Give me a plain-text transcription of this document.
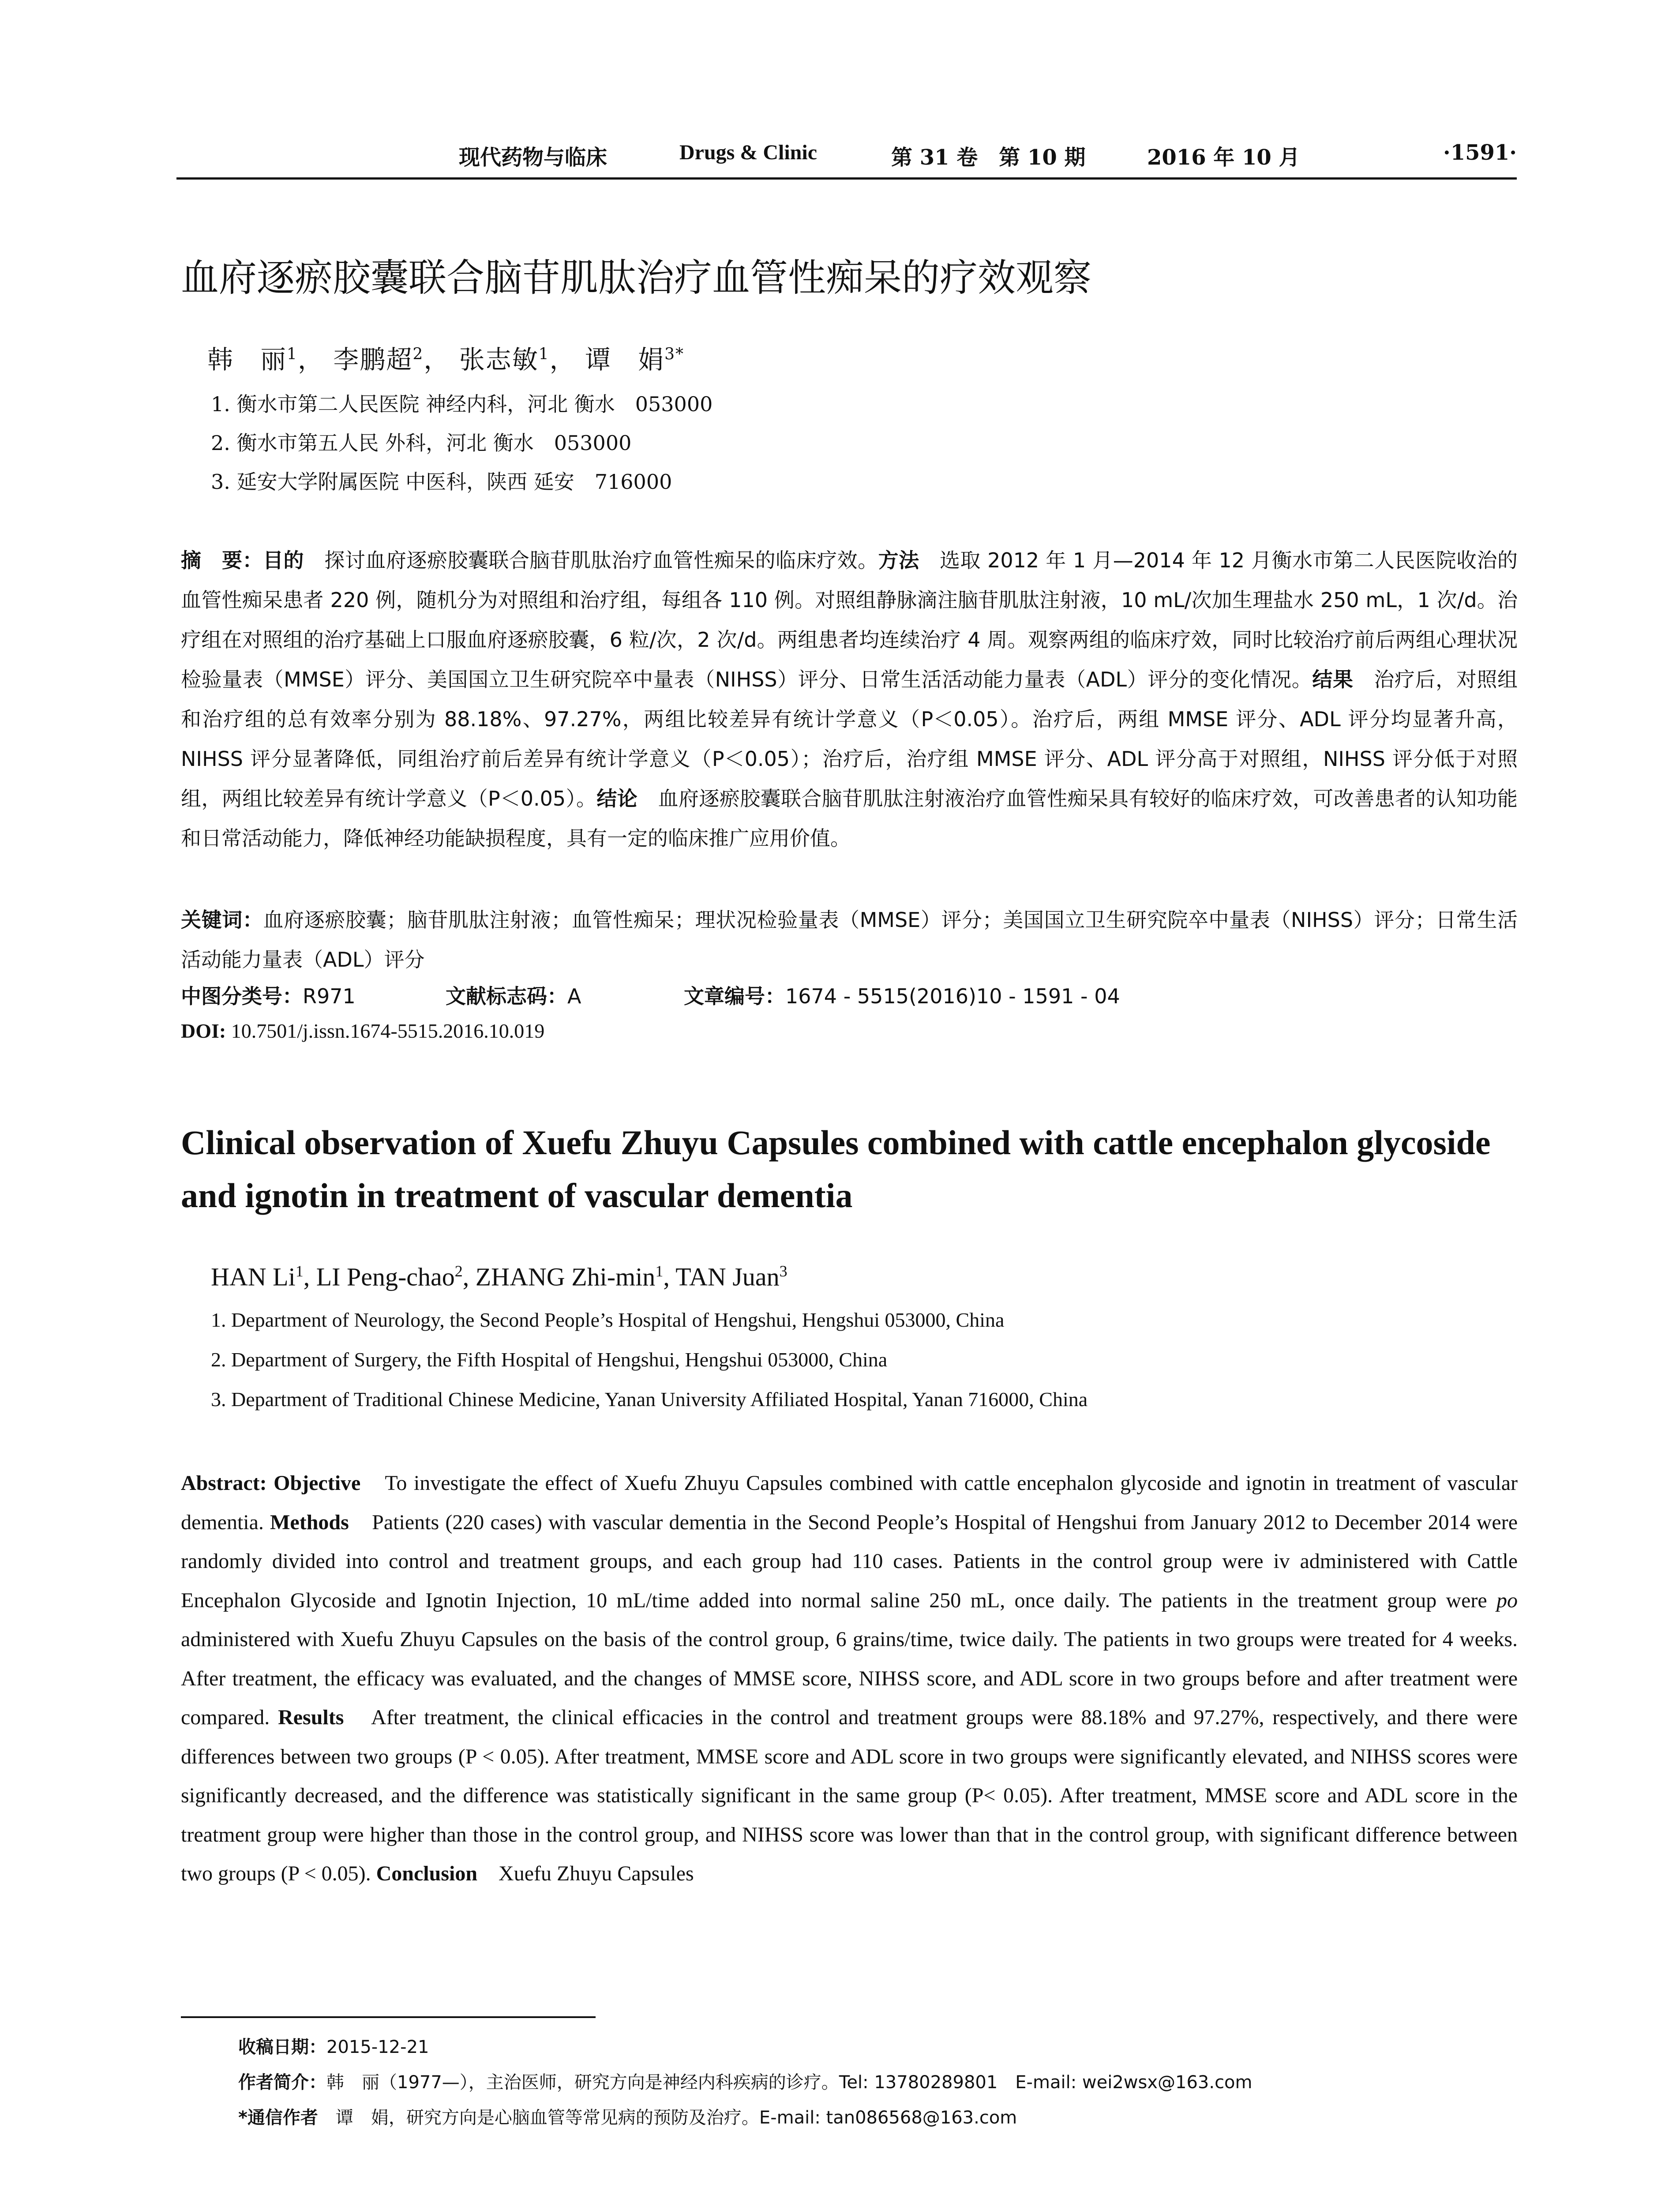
现代药物与临床	Drugs & Clinic	第 31 卷　第 10 期	2016 年 10 月	·1591·
血府逐瘀胶囊联合脑苷肌肽治疗血管性痴呆的疗效观察
韩　丽$^1$， 李鹏超$^2$， 张志敏$^1$， 谭　娟$^{3*}$
1. 衡水市第二人民医院 神经内科，河北 衡水　053000
2. 衡水市第五人民 外科，河北 衡水　053000
3. 延安大学附属医院 中医科，陕西 延安　716000
摘　要：目的　探讨血府逐瘀胶囊联合脑苷肌肽治疗血管性痴呆的临床疗效。方法　选取 2012 年 1 月—2014 年 12 月衡水市第二人民医院收治的血管性痴呆患者 220 例，随机分为对照组和治疗组，每组各 110 例。对照组静脉滴注脑苷肌肽注射液，10 mL/次加生理盐水 250 mL，1 次/d。治疗组在对照组的治疗基础上口服血府逐瘀胶囊，6 粒/次，2 次/d。两组患者均连续治疗 4 周。观察两组的临床疗效，同时比较治疗前后两组心理状况检验量表（MMSE）评分、美国国立卫生研究院卒中量表（NIHSS）评分、日常生活活动能力量表（ADL）评分的变化情况。结果　治疗后，对照组和治疗组的总有效率分别为 88.18%、97.27%，两组比较差异有统计学意义（P＜0.05）。治疗后，两组 MMSE 评分、ADL 评分均显著升高，NIHSS 评分显著降低，同组治疗前后差异有统计学意义（P＜0.05）；治疗后，治疗组 MMSE 评分、ADL 评分高于对照组，NIHSS 评分低于对照组，两组比较差异有统计学意义（P＜0.05）。结论　血府逐瘀胶囊联合脑苷肌肽注射液治疗血管性痴呆具有较好的临床疗效，可改善患者的认知功能和日常活动能力，降低神经功能缺损程度，具有一定的临床推广应用价值。
关键词：血府逐瘀胶囊；脑苷肌肽注射液；血管性痴呆；理状况检验量表（MMSE）评分；美国国立卫生研究院卒中量表（NIHSS）评分；日常生活活动能力量表（ADL）评分
中图分类号：R971	文献标志码：A	文章编号：1674 - 5515(2016)10 - 1591 - 04
DOI: 10.7501/j.issn.1674-5515.2016.10.019
Clinical observation of Xuefu Zhuyu Capsules combined with cattle encephalon glycoside and ignotin in treatment of vascular dementia
HAN Li$^1$, LI Peng-chao$^2$, ZHANG Zhi-$\min^1$, TAN Juan$^3$
1. Department of Neurology, the Second People’s Hospital of Hengshui, Hengshui 053000, China
2. Department of Surgery, the Fifth Hospital of Hengshui, Hengshui 053000, China
3. Department of Traditional Chinese Medicine, Yanan University Affiliated Hospital, Yanan 716000, China
Abstract: Objective　To investigate the effect of Xuefu Zhuyu Capsules combined with cattle encephalon glycoside and ignotin in treatment of vascular dementia. Methods　Patients (220 cases) with vascular dementia in the Second People’s Hospital of Hengshui from January 2012 to December 2014 were randomly divided into control and treatment groups, and each group had 110 cases. Patients in the control group were iv administered with Cattle Encephalon Glycoside and Ignotin Injection, 10 mL/time added into normal saline 250 mL, once daily. The patients in the treatment group were po administered with Xuefu Zhuyu Capsules on the basis of the control group, 6 grains/time, twice daily. The patients in two groups were treated for 4 weeks. After treatment, the efficacy was evaluated, and the changes of MMSE score, NIHSS score, and ADL score in two groups before and after treatment were compared. Results　After treatment, the clinical efficacies in the control and treatment groups were 88.18% and 97.27%, respectively, and there were differences between two groups (P < 0.05). After treatment, MMSE score and ADL score in two groups were significantly elevated, and NIHSS scores were significantly decreased, and the difference was statistically significant in the same group (P< 0.05). After treatment, MMSE score and ADL score in the treatment group were higher than those in the control group, and NIHSS score was lower than that in the control group, with significant difference between two groups (P < 0.05). Conclusion　Xuefu Zhuyu Capsules
收稿日期：2015-12-21
作者简介：韩　丽（1977—），主治医师，研究方向是神经内科疾病的诊疗。Tel: 13780289801　E-mail: wei2wsx@163.com
*通信作者　谭　娟，研究方向是心脑血管等常见病的预防及治疗。E-mail: tan086568@163.com
